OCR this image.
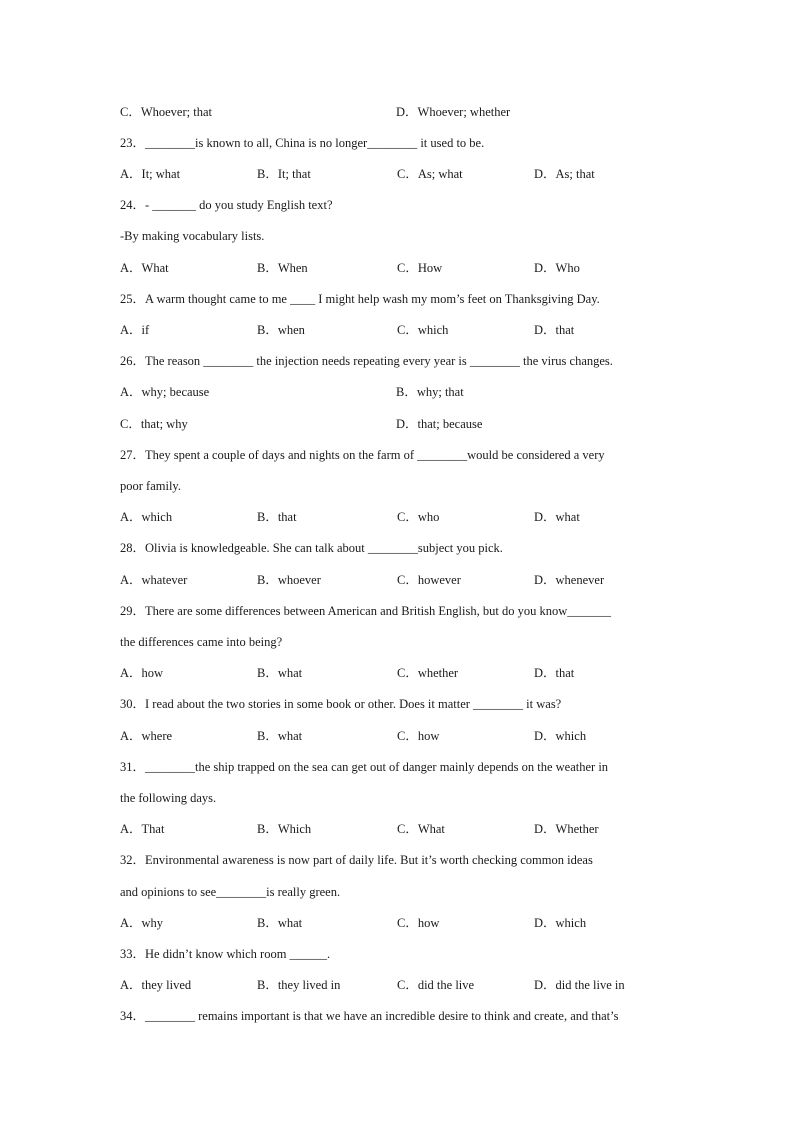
C．Whoever; that	D．Whoever; whether
23．________is known to all, China is no longer________ it used to be.
A．It; what	B．It; that	C．As; what	D．As; that
24．- _______ do you study English text?
-By making vocabulary lists.
A．What	B．When	C．How	D．Who
25．A warm thought came to me ____ I might help wash my mom’s feet on Thanksgiving Day.
A．if	B．when	C．which	D．that
26．The reason ________ the injection needs repeating every year is ________ the virus changes.
A．why; because	B．why; that
C．that; why	D．that; because
27．They spent a couple of days and nights on the farm of ________would be considered a very
poor family.
A．which	B．that	C．who	D．what
28．Olivia is knowledgeable. She can talk about ________subject you pick.
A．whatever	B．whoever	C．however	D．whenever
29．There are some differences between American and British English, but do you know_______
the differences came into being?
A．how	B．what	C．whether	D．that
30．I read about the two stories in some book or other. Does it matter ________ it was?
A．where	B．what	C．how	D．which
31．________the ship trapped on the sea can get out of danger mainly depends on the weather in
the following days.
A．That	B．Which	C．What	D．Whether
32．Environmental awareness is now part of daily life. But it’s worth checking common ideas
and opinions to see________is really green.
A．why	B．what	C．how	D．which
33．He didn’t know which room ______.
A．they lived	B．they lived in	C．did the live	D．did the live in
34．________ remains important is that we have an incredible desire to think and create, and that’s
